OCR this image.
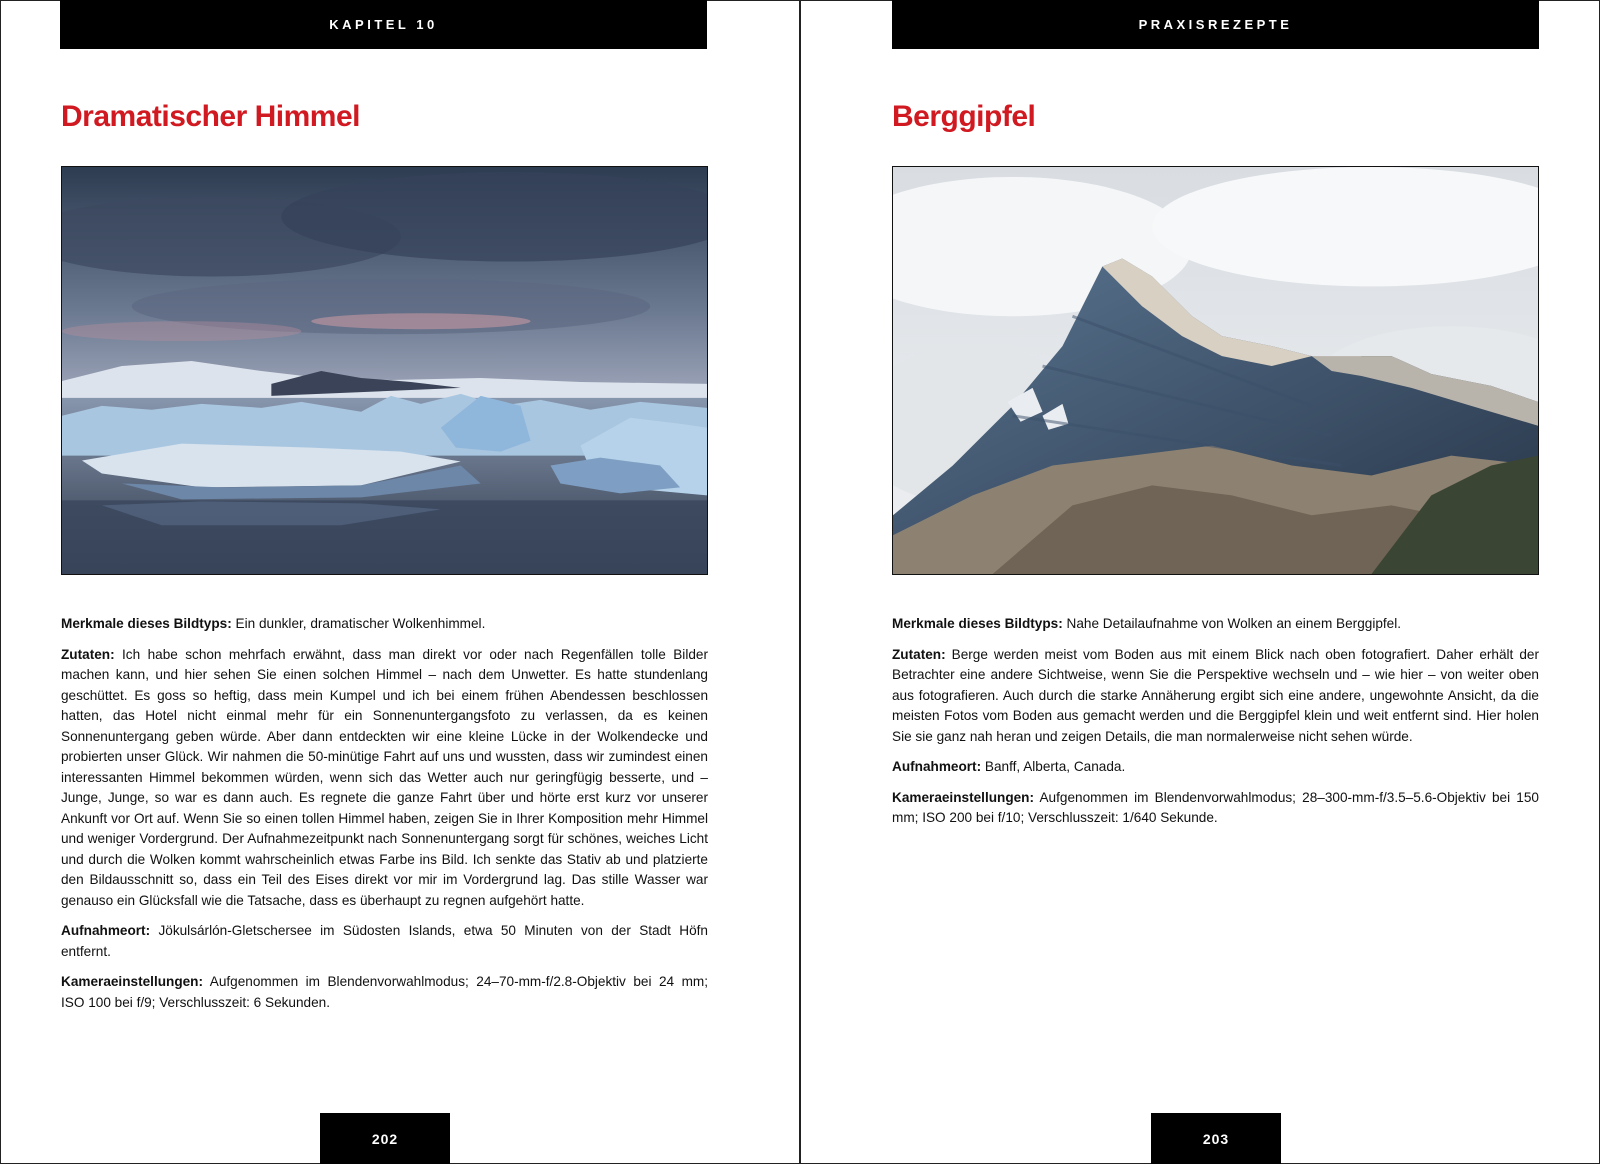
KAPITEL 10
Dramatischer Himmel

Merkmale dieses Bildtyps: Ein dunkler, dramatischer Wolkenhimmel.

Zutaten: Ich habe schon mehrfach erwähnt, dass man direkt vor oder nach Regenfällen tolle Bilder machen kann, und hier sehen Sie einen solchen Himmel – nach dem Unwetter. Es hatte stundenlang geschüttet. Es goss so heftig, dass mein Kumpel und ich bei einem frühen Abendessen beschlossen hatten, das Hotel nicht einmal mehr für ein Sonnenuntergangsfoto zu verlassen, da es keinen Sonnenuntergang geben würde. Aber dann entdeckten wir eine kleine Lücke in der Wolkendecke und probierten unser Glück. Wir nahmen die 50-minütige Fahrt auf uns und wussten, dass wir zumindest einen interessanten Himmel bekommen würden, wenn sich das Wetter auch nur geringfügig besserte, und – Junge, Junge, so war es dann auch. Es regnete die ganze Fahrt über und hörte erst kurz vor unserer Ankunft vor Ort auf. Wenn Sie so einen tollen Himmel haben, zeigen Sie in Ihrer Komposition mehr Himmel und weniger Vordergrund. Der Aufnahmezeitpunkt nach Sonnenuntergang sorgt für schönes, weiches Licht und durch die Wolken kommt wahrscheinlich etwas Farbe ins Bild. Ich senkte das Stativ ab und platzierte den Bildausschnitt so, dass ein Teil des Eises direkt vor mir im Vordergrund lag. Das stille Wasser war genauso ein Glücksfall wie die Tatsache, dass es überhaupt zu regnen aufgehört hatte.

Aufnahmeort: Jökulsárlón-Gletschersee im Südosten Islands, etwa 50 Minuten von der Stadt Höfn entfernt.

Kameraeinstellungen: Aufgenommen im Blendenvorwahlmodus; 24–70-mm-f/2.8-Objektiv bei 24 mm; ISO 100 bei f/9; Verschlusszeit: 6 Sekunden.

202
PRAXISREZEPTE
Berggipfel

Merkmale dieses Bildtyps: Nahe Detailaufnahme von Wolken an einem Berggipfel.

Zutaten: Berge werden meist vom Boden aus mit einem Blick nach oben fotografiert. Daher erhält der Betrachter eine andere Sichtweise, wenn Sie die Perspektive wechseln und – wie hier – von weiter oben aus fotografieren. Auch durch die starke Annäherung ergibt sich eine andere, ungewohnte Ansicht, da die meisten Fotos vom Boden aus gemacht werden und die Berggipfel klein und weit entfernt sind. Hier holen Sie sie ganz nah heran und zeigen Details, die man normalerweise nicht sehen würde.

Aufnahmeort: Banff, Alberta, Canada.

Kameraeinstellungen: Aufgenommen im Blendenvorwahlmodus; 28–300-mm-f/3.5–5.6-Objektiv bei 150 mm; ISO 200 bei f/10; Verschlusszeit: 1/640 Sekunde.

203
